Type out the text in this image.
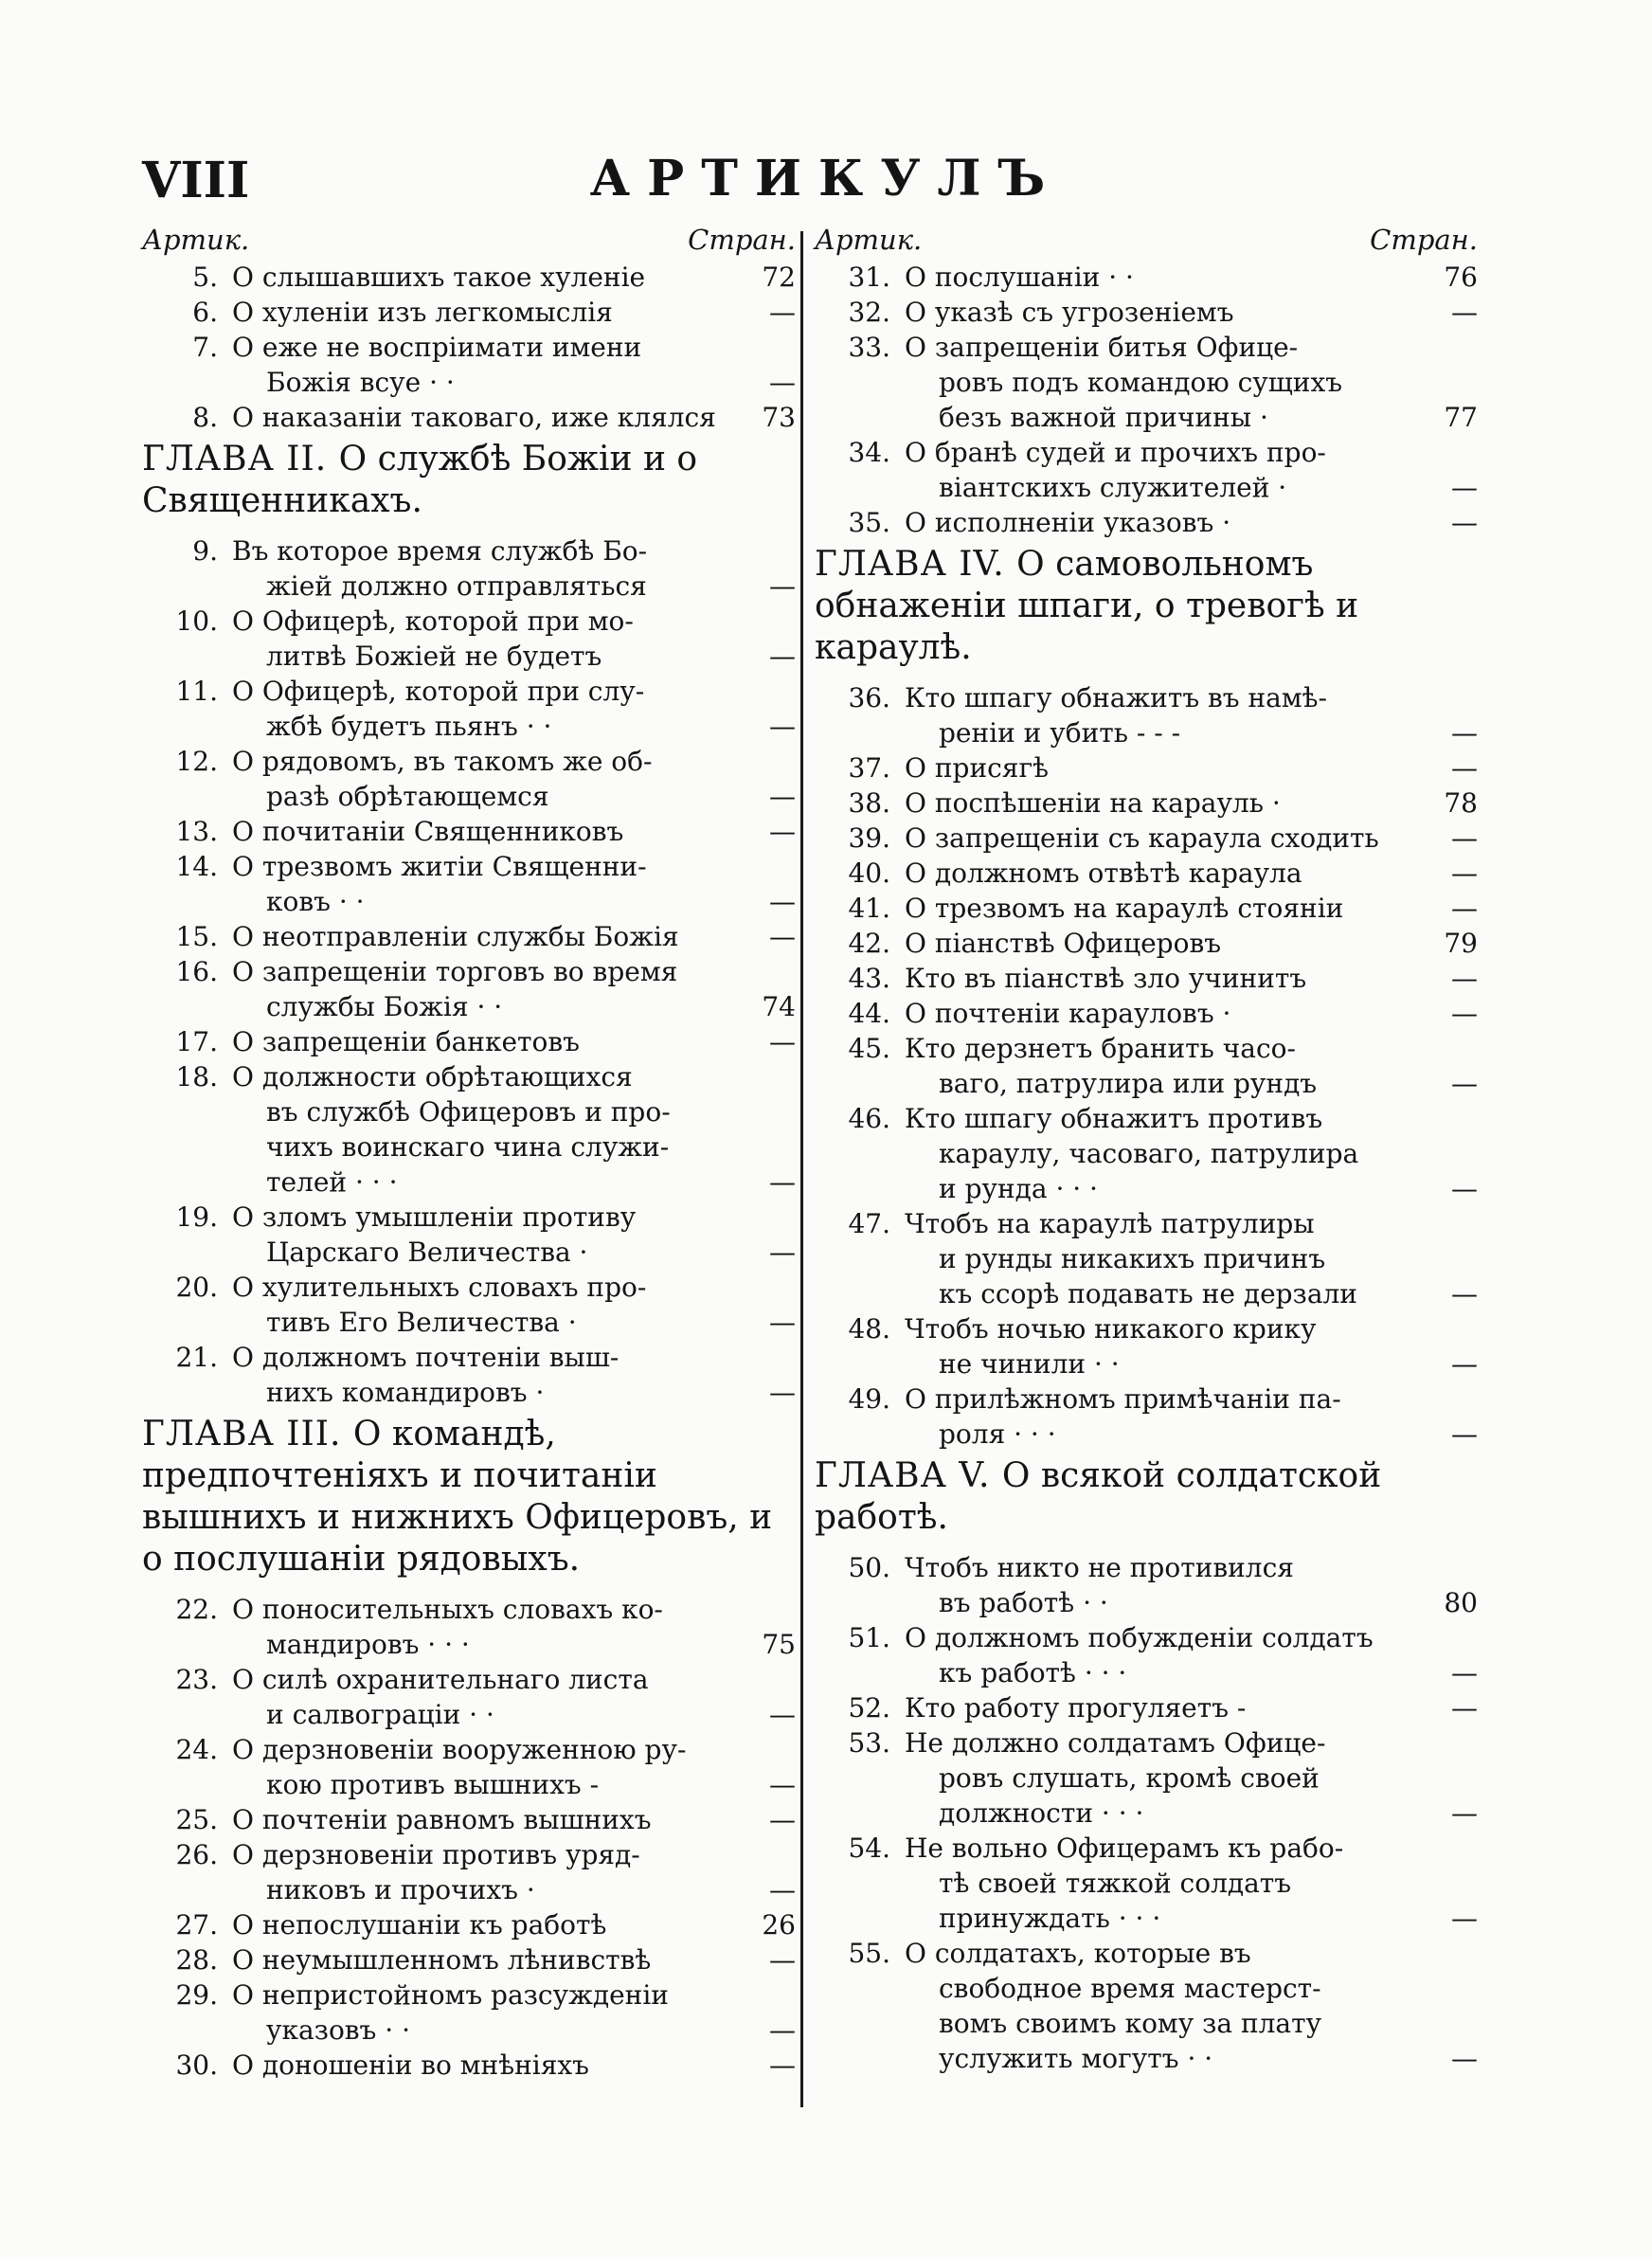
VIII	АРТИКУЛЪ
Артик.	Стран.
5. О слышавшихъ такое хуленіе	72
6. О хуленіи изъ легкомыслія	—
7. О еже не воспріимати имени
Божія всуе · ·	—
8. О наказаніи таковаго, иже клялся	73
ГЛАВА II. О службѣ Божіи и о Священникахъ.
9. Въ которое время службѣ Бо-
жіей должно отправляться	—
10. О Офицерѣ, которой при мо-
литвѣ Божіей не будетъ	—
11. О Офицерѣ, которой при слу-
жбѣ будетъ пьянъ · ·	—
12. О рядовомъ, въ такомъ же об-
разѣ обрѣтающемся	—
13. О почитаніи Священниковъ	—
14. О трезвомъ житіи Священни-
ковъ · ·	—
15. О неотправленіи службы Божія	—
16. О запрещеніи торговъ во время
службы Божія · ·	74
17. О запрещеніи банкетовъ	—
18. О должности обрѣтающихся
въ службѣ Офицеровъ и про-
чихъ воинскаго чина служи-
телей · · ·	—
19. О зломъ умышленіи противу
Царскаго Величества ·	—
20. О хулительныхъ словахъ про-
тивъ Его Величества ·	—
21. О должномъ почтеніи выш-
нихъ командировъ ·	—
ГЛАВА III. О командѣ, предпочтеніяхъ и почитаніи вышнихъ и нижнихъ Офицеровъ, и о послушаніи рядовыхъ.
22. О поносительныхъ словахъ ко-
мандировъ · · ·	75
23. О силѣ охранительнаго листа
и салвограціи · ·	—
24. О дерзновеніи вооруженною ру-
кою противъ вышнихъ -	—
25. О почтеніи равномъ вышнихъ	—
26. О дерзновеніи противъ уряд-
никовъ и прочихъ ·	—
27. О непослушаніи къ работѣ	26
28. О неумышленномъ лѣнивствѣ	—
29. О непристойномъ разсужденіи
указовъ · ·	—
30. О доношеніи во мнѣніяхъ	—
Артик.	Стран.
31. О послушаніи · ·	76
32. О указѣ съ угрозеніемъ	—
33. О запрещеніи битья Офице-
ровъ подъ командою сущихъ
безъ важной причины ·	77
34. О бранѣ судей и прочихъ про-
віантскихъ служителей ·	—
35. О исполненіи указовъ ·	—
ГЛАВА IV. О самовольномъ обнаженіи шпаги, о тревогѣ и караулѣ.
36. Кто шпагу обнажитъ въ намѣ-
реніи и убить - - -	—
37. О присягѣ	—
38. О поспѣшеніи на карауль ·	78
39. О запрещеніи съ караула сходить	—
40. О должномъ отвѣтѣ караула	—
41. О трезвомъ на караулѣ стояніи	—
42. О піанствѣ Офицеровъ	79
43. Кто въ піанствѣ зло учинитъ	—
44. О почтеніи карауловъ ·	—
45. Кто дерзнетъ бранить часо-
ваго, патрулира или рундъ	—
46. Кто шпагу обнажитъ противъ
караулу, часоваго, патрулира
и рунда · · ·	—
47. Чтобъ на караулѣ патрулиры
и рунды никакихъ причинъ
къ ссорѣ подавать не дерзали	—
48. Чтобъ ночью никакого крику
не чинили · ·	—
49. О прилѣжномъ примѣчаніи па-
роля · · ·	—
ГЛАВА V. О всякой солдатской работѣ.
50. Чтобъ никто не противился
въ работѣ · ·	80
51. О должномъ побужденіи солдатъ
къ работѣ · · ·	—
52. Кто работу прогуляетъ -	—
53. Не должно солдатамъ Офице-
ровъ слушать, кромѣ своей
должности · · ·	—
54. Не вольно Офицерамъ къ рабо-
тѣ своей тяжкой солдатъ
принуждать · · ·	—
55. О солдатахъ, которые въ
свободное время мастерст-
вомъ своимъ кому за плату
услужить могутъ · ·	—
